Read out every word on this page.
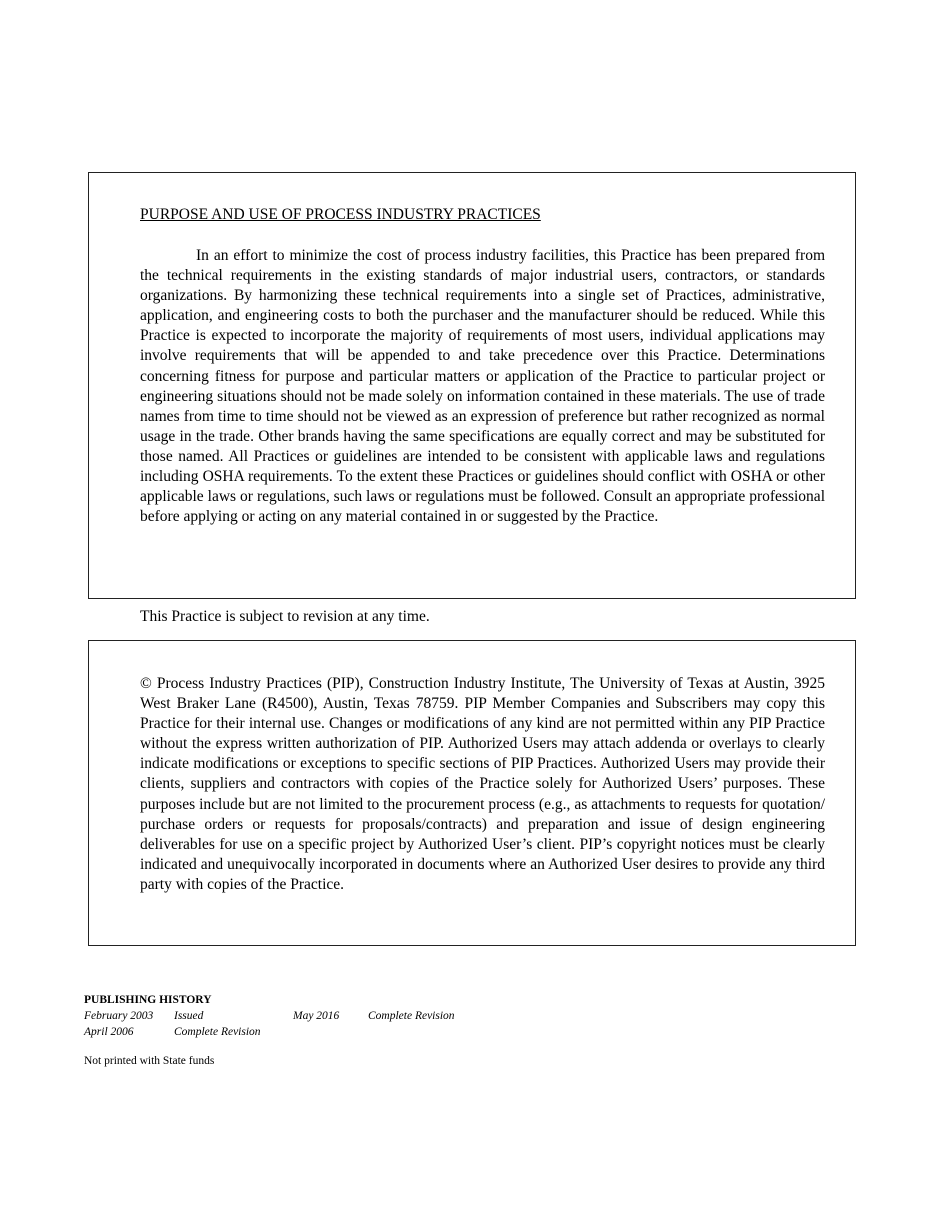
PURPOSE AND USE OF PROCESS INDUSTRY PRACTICES

In an effort to minimize the cost of process industry facilities, this Practice has been prepared from the technical requirements in the existing standards of major industrial users, contractors, or standards organizations. By harmonizing these technical requirements into a single set of Practices, administrative, application, and engineering costs to both the purchaser and the manufacturer should be reduced. While this Practice is expected to incorporate the majority of requirements of most users, individual applications may involve requirements that will be appended to and take precedence over this Practice. Determinations concerning fitness for purpose and particular matters or application of the Practice to particular project or engineering situations should not be made solely on information contained in these materials. The use of trade names from time to time should not be viewed as an expression of preference but rather recognized as normal usage in the trade. Other brands having the same specifications are equally correct and may be substituted for those named. All Practices or guidelines are intended to be consistent with applicable laws and regulations including OSHA requirements. To the extent these Practices or guidelines should conflict with OSHA or other applicable laws or regulations, such laws or regulations must be followed. Consult an appropriate professional before applying or acting on any material contained in or suggested by the Practice.

This Practice is subject to revision at any time.

© Process Industry Practices (PIP), Construction Industry Institute, The University of Texas at Austin, 3925 West Braker Lane (R4500), Austin, Texas 78759. PIP Member Companies and Subscribers may copy this Practice for their internal use. Changes or modifications of any kind are not permitted within any PIP Practice without the express written authorization of PIP. Authorized Users may attach addenda or overlays to clearly indicate modifications or exceptions to specific sections of PIP Practices. Authorized Users may provide their clients, suppliers and contractors with copies of the Practice solely for Authorized Users’ purposes. These purposes include but are not limited to the procurement process (e.g., as attachments to requests for quotation/ purchase orders or requests for proposals/contracts) and preparation and issue of design engineering deliverables for use on a specific project by Authorized User’s client. PIP’s copyright notices must be clearly indicated and unequivocally incorporated in documents where an Authorized User desires to provide any third party with copies of the Practice.

PUBLISHING HISTORY
February 2003 Issued	May 2016 Complete Revision
April 2006	Complete Revision
Not printed with State funds
